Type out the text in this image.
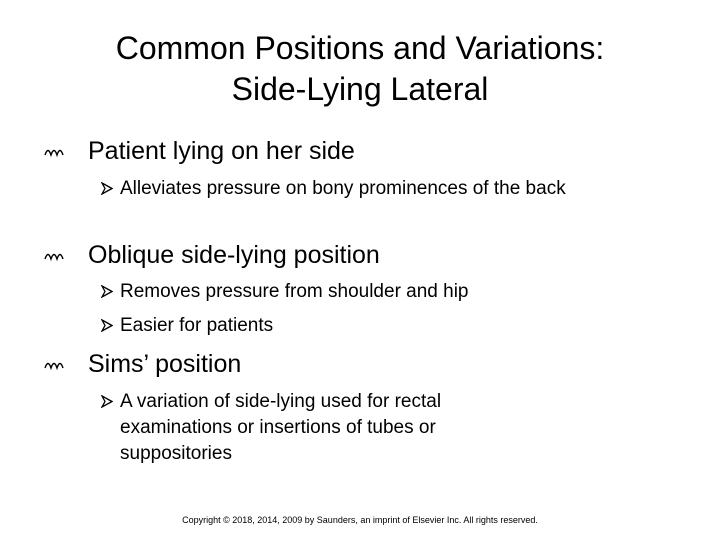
Common Positions and Variations:
Side-Lying Lateral
Patient lying on her side
Alleviates pressure on bony prominences of the back
Oblique side-lying position
Removes pressure from shoulder and hip
Easier for patients
Sims’ position
A variation of side-lying used for rectal examinations or insertions of tubes or suppositories
Copyright © 2018, 2014, 2009 by Saunders, an imprint of Elsevier Inc. All rights reserved.
